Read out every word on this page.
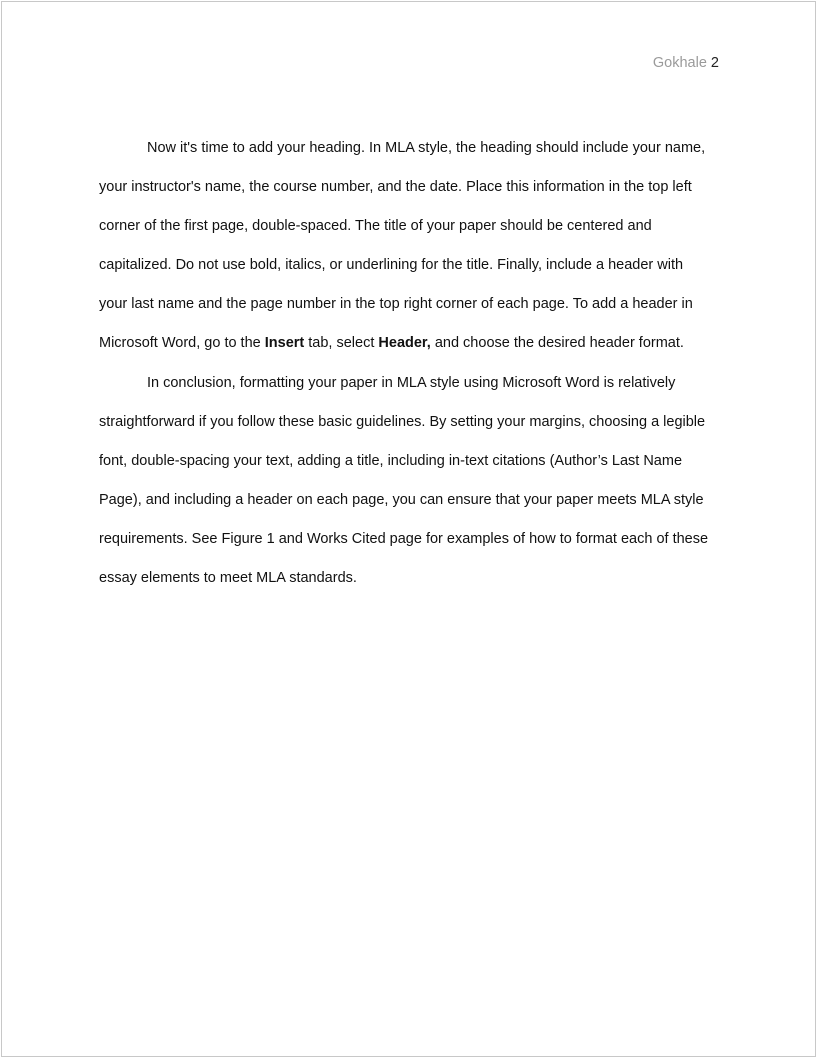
Gokhale 2
Now it's time to add your heading. In MLA style, the heading should include your name,
your instructor's name, the course number, and the date. Place this information in the top left
corner of the first page, double-spaced. The title of your paper should be centered and
capitalized. Do not use bold, italics, or underlining for the title. Finally, include a header with
your last name and the page number in the top right corner of each page. To add a header in
Microsoft Word, go to the Insert tab, select Header, and choose the desired header format.
In conclusion, formatting your paper in MLA style using Microsoft Word is relatively
straightforward if you follow these basic guidelines. By setting your margins, choosing a legible
font, double-spacing your text, adding a title, including in-text citations (Author’s Last Name
Page), and including a header on each page, you can ensure that your paper meets MLA style
requirements. See Figure 1 and Works Cited page for examples of how to format each of these
essay elements to meet MLA standards.
